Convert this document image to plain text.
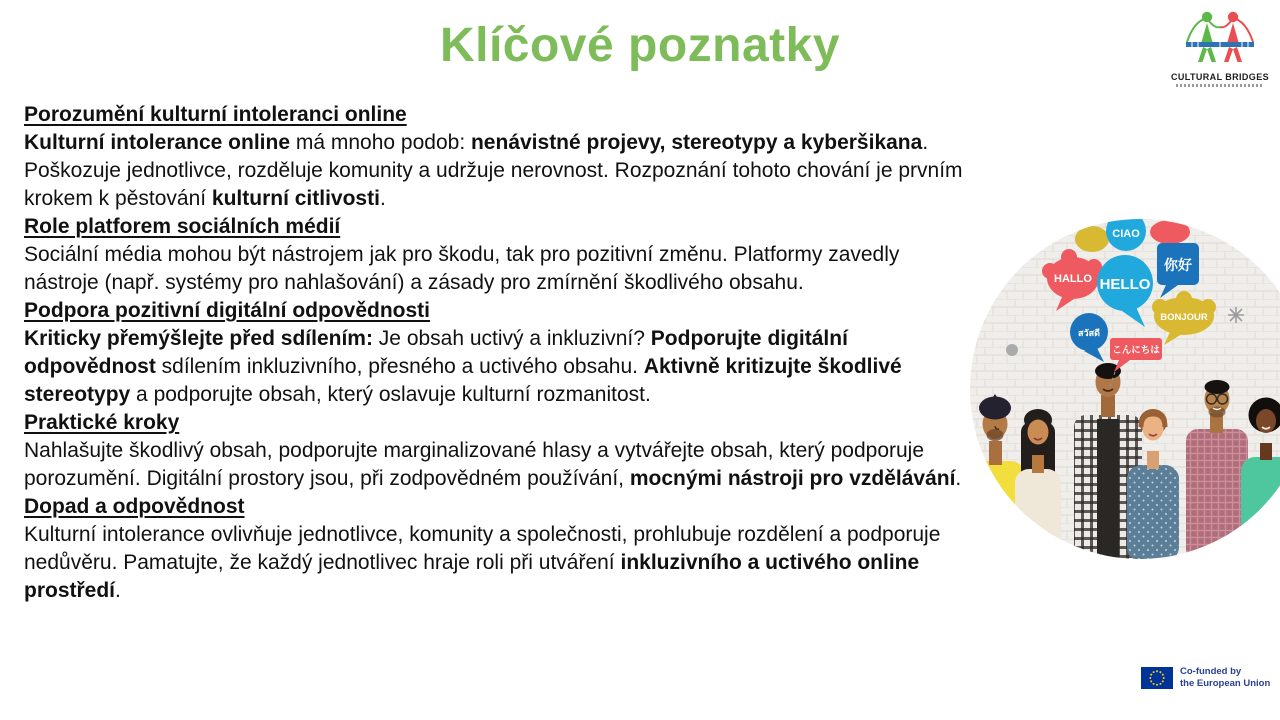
Klíčové poznatky
CULTURAL BRIDGES
Porozumění kulturní intoleranci online
Kulturní intolerance online má mnoho podob: nenávistné projevy, stereotypy a kyberšikana. Poškozuje jednotlivce, rozděluje komunity a udržuje nerovnost. Rozpoznání tohoto chování je prvním krokem k pěstování kulturní citlivosti.
Role platforem sociálních médií
Sociální média mohou být nástrojem jak pro škodu, tak pro pozitivní změnu. Platformy zavedly nástroje (např. systémy pro nahlašování) a zásady pro zmírnění škodlivého obsahu.
Podpora pozitivní digitální odpovědnosti
Kriticky přemýšlejte před sdílením: Je obsah uctivý a inkluzivní? Podporujte digitální odpovědnost sdílením inkluzivního, přesného a uctivého obsahu. Aktivně kritizujte škodlivé stereotypy a podporujte obsah, který oslavuje kulturní rozmanitost.
Praktické kroky
Nahlašujte škodlivý obsah, podporujte marginalizované hlasy a vytvářejte obsah, který podporuje porozumění. Digitální prostory jsou, při zodpovědném používání, mocnými nástroji pro vzdělávání.
Dopad a odpovědnost
Kulturní intolerance ovlivňuje jednotlivce, komunity a společnosti, prohlubuje rozdělení a podporuje nedůvěru. Pamatujte, že každý jednotlivec hraje roli při utváření inkluzivního a uctivého online prostředí.
CIAO
HALLO HELLO
你好
BONJOUR
สวัสดี
こんにちは
Co-funded by
the European Union
